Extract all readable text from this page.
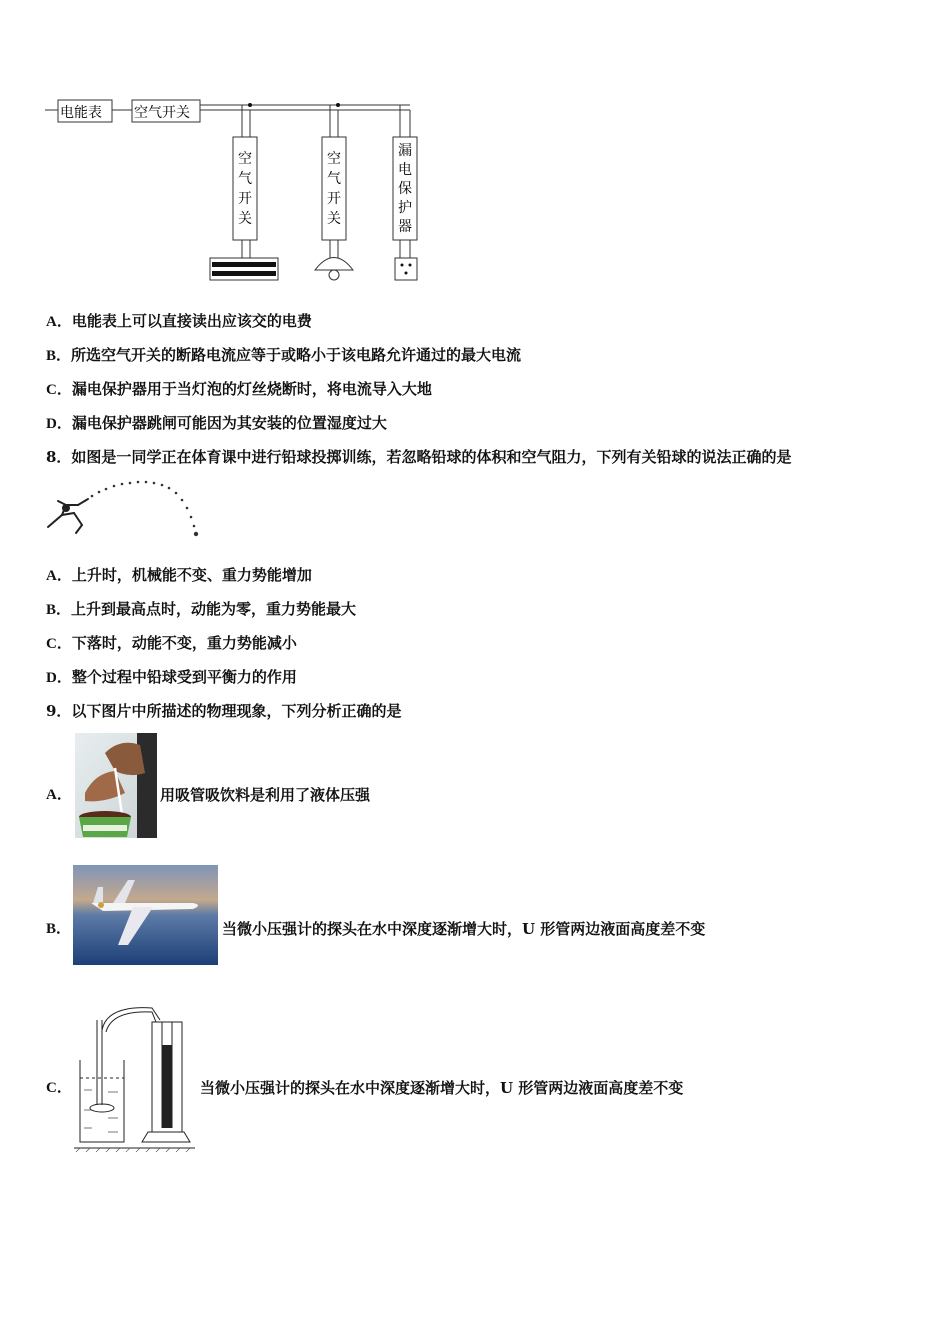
电能表 空气开关
空
气
开
关
空
气
开
关
漏
电
保
护
器
A．电能表上可以直接读出应该交的电费
B．所选空气开关的断路电流应等于或略小于该电路允许通过的最大电流
C．漏电保护器用于当灯泡的灯丝烧断时，将电流导入大地
D．漏电保护器跳闸可能因为其安装的位置湿度过大
8．如图是一同学正在体育课中进行铅球投掷训练，若忽略铅球的体积和空气阻力，下列有关铅球的说法正确的是
A．上升时，机械能不变、重力势能增加
B．上升到最高点时，动能为零，重力势能最大
C．下落时，动能不变，重力势能减小
D．整个过程中铅球受到平衡力的作用
9．以下图片中所描述的物理现象，下列分析正确的是
A．	用吸管吸饮料是利用了液体压强
B．	当微小压强计的探头在水中深度逐渐增大时，U 形管两边液面高度差不变
C．	当微小压强计的探头在水中深度逐渐增大时，U 形管两边液面高度差不变
